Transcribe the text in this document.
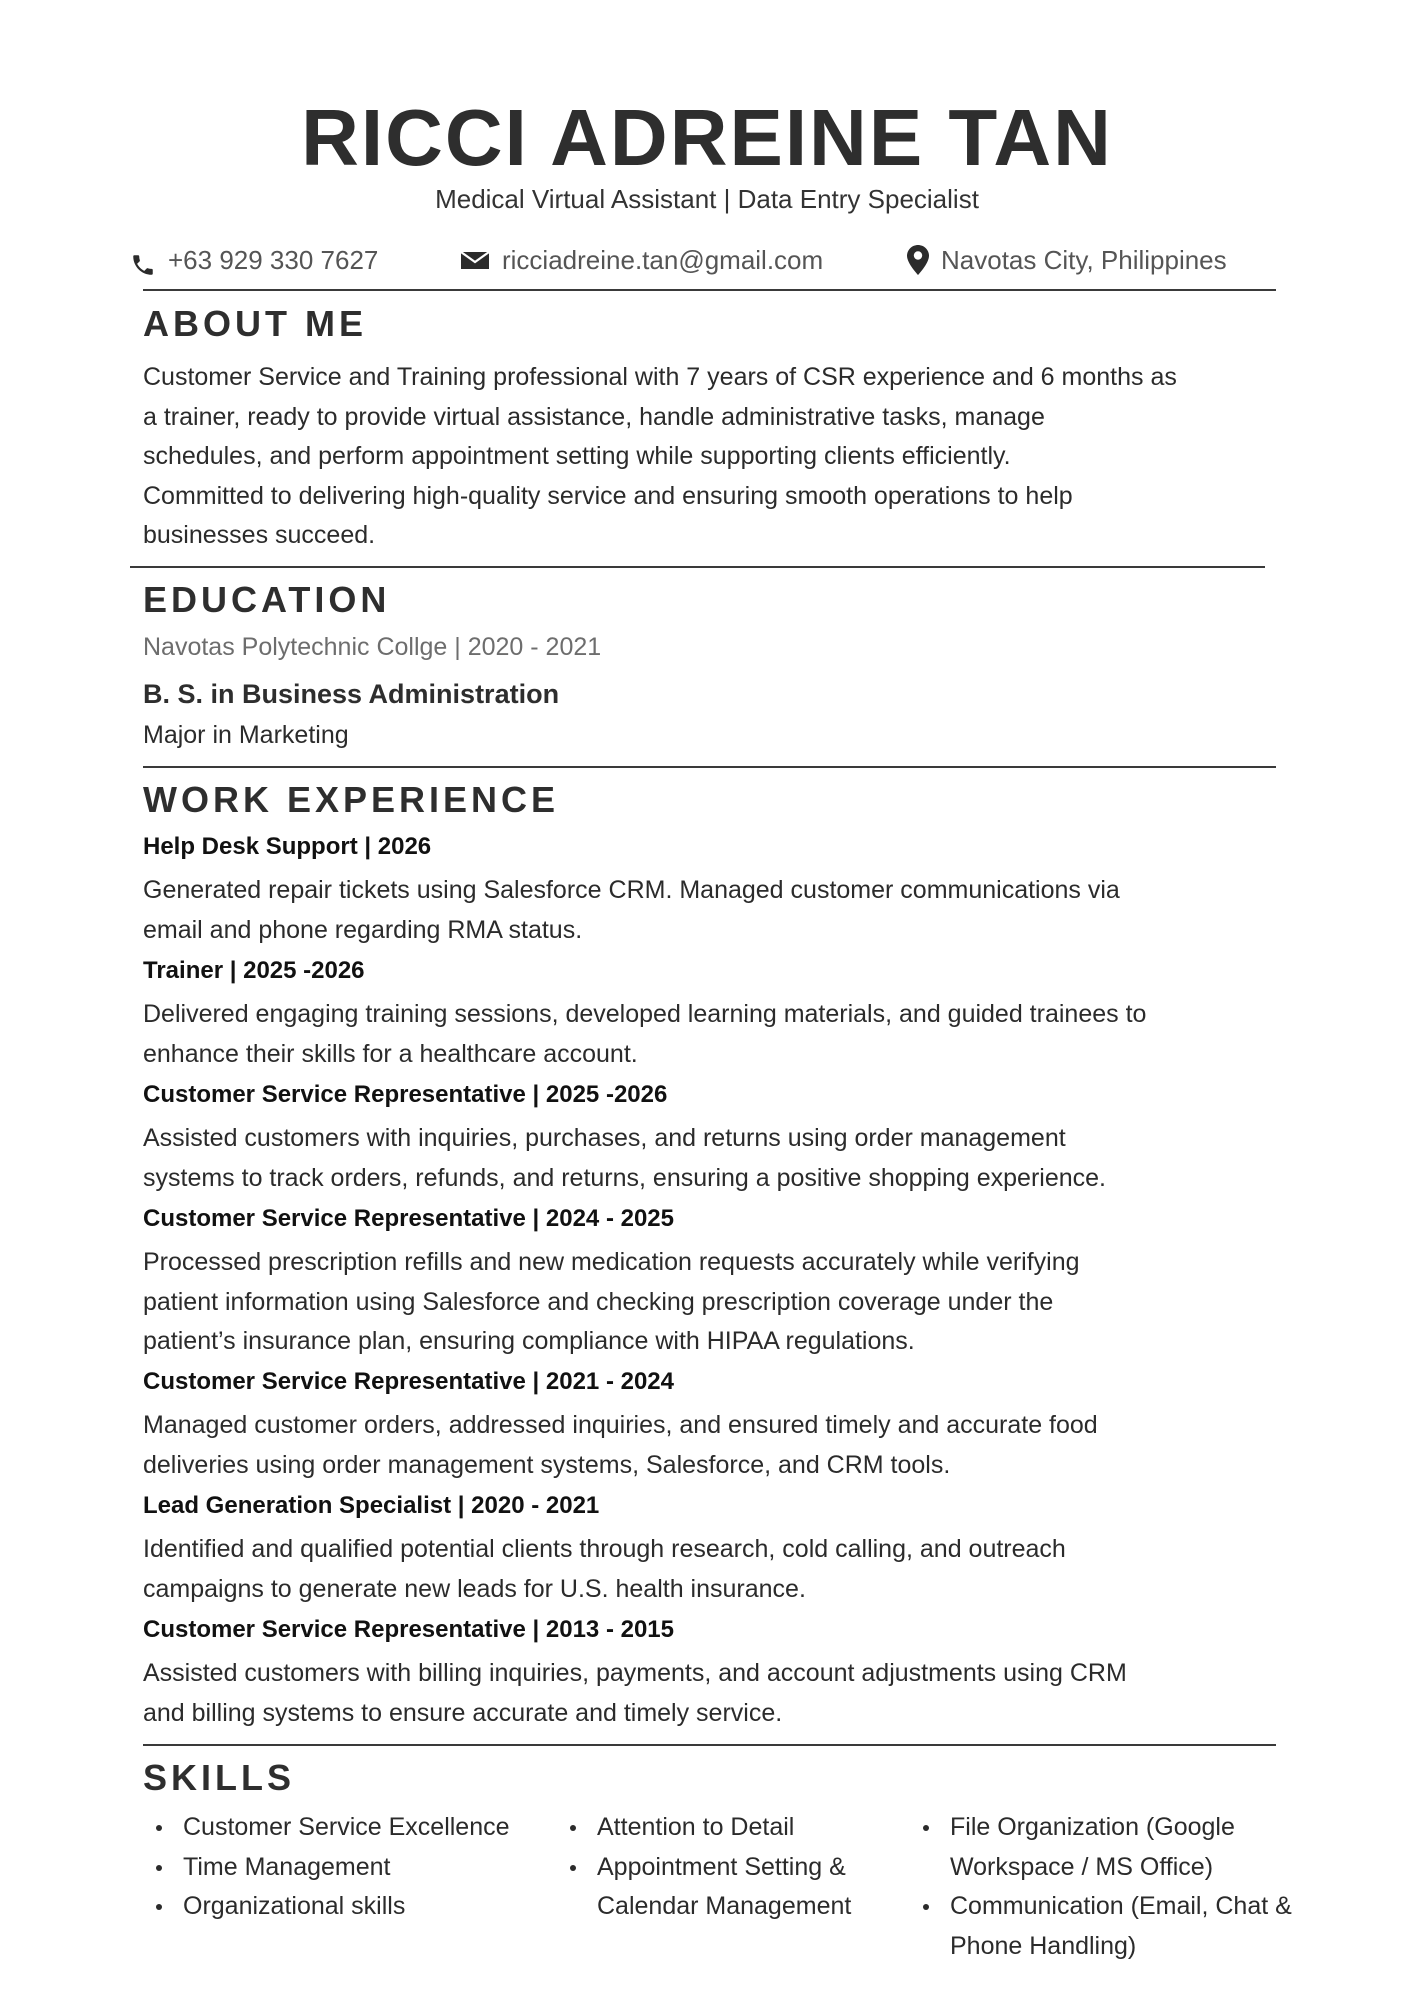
RICCI ADREINE TAN
Medical Virtual Assistant | Data Entry Specialist
+63 929 330 7627	ricciadreine.tan@gmail.com	Navotas City, Philippines
ABOUT ME
Customer Service and Training professional with 7 years of CSR experience and 6 months as
a trainer, ready to provide virtual assistance, handle administrative tasks, manage
schedules, and perform appointment setting while supporting clients efficiently.
Committed to delivering high-quality service and ensuring smooth operations to help
businesses succeed.
EDUCATION
Navotas Polytechnic Collge | 2020 - 2021
B. S. in Business Administration
Major in Marketing
WORK EXPERIENCE
Help Desk Support | 2026
Generated repair tickets using Salesforce CRM. Managed customer communications via
email and phone regarding RMA status.
Trainer | 2025 -2026
Delivered engaging training sessions, developed learning materials, and guided trainees to
enhance their skills for a healthcare account.
Customer Service Representative | 2025 -2026
Assisted customers with inquiries, purchases, and returns using order management
systems to track orders, refunds, and returns, ensuring a positive shopping experience.
Customer Service Representative | 2024 - 2025
Processed prescription refills and new medication requests accurately while verifying
patient information using Salesforce and checking prescription coverage under the
patient’s insurance plan, ensuring compliance with HIPAA regulations.
Customer Service Representative | 2021 - 2024
Managed customer orders, addressed inquiries, and ensured timely and accurate food
deliveries using order management systems, Salesforce, and CRM tools.
Lead Generation Specialist | 2020 - 2021
Identified and qualified potential clients through research, cold calling, and outreach
campaigns to generate new leads for U.S. health insurance.
Customer Service Representative | 2013 - 2015
Assisted customers with billing inquiries, payments, and account adjustments using CRM
and billing systems to ensure accurate and timely service.
SKILLS
Customer Service Excellence
Time Management
Organizational skills
Attention to Detail
Appointment Setting & Calendar Management
File Organization (Google Workspace / MS Office)
Communication (Email, Chat & Phone Handling)
